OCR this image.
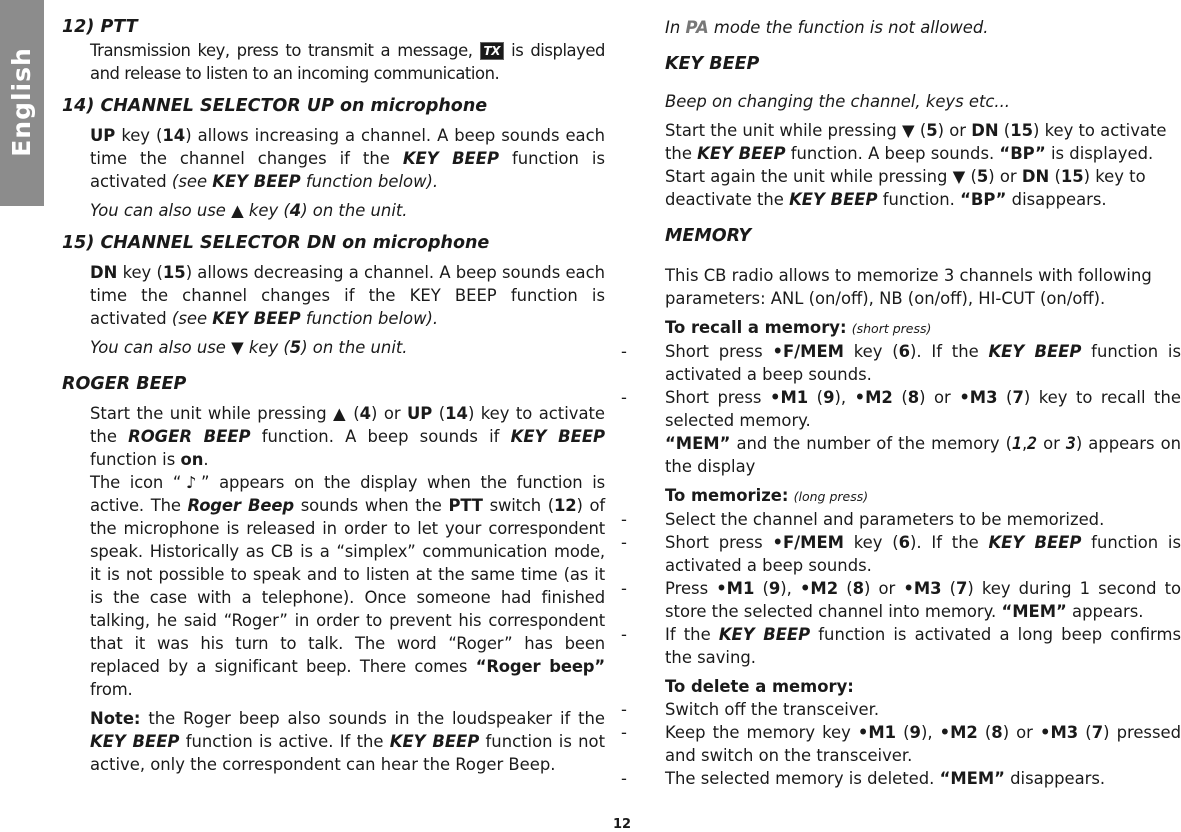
English

12) PTT

Transmission key, press to transmit a message, TX is displayed and release to listen to an incoming communication.

14) CHANNEL SELECTOR UP on microphone

UP key (14) allows increasing a channel. A beep sounds each time the channel changes if the KEY BEEP function is activated (see KEY BEEP function below).

You can also use ▲ key (4) on the unit.

15) CHANNEL SELECTOR DN on microphone

DN key (15) allows decreasing a channel. A beep sounds each time the channel changes if the KEY BEEP function is activated (see KEY BEEP function below).

You can also use ▼ key (5) on the unit.

ROGER BEEP

Start the unit while pressing ▲ (4) or UP (14) key to activate the ROGER BEEP function. A beep sounds if KEY BEEP function is on.

The icon “♪” appears on the display when the function is active. The Roger Beep sounds when the PTT switch (12) of the microphone is released in order to let your correspondent speak. Historically as CB is a “simplex” communication mode, it is not possible to speak and to listen at the same time (as it is the case with a telephone). Once someone had finished talking, he said “Roger” in order to prevent his correspondent that it was his turn to talk. The word “Roger” has been replaced by a significant beep. There comes “Roger beep” from.

Note: the Roger beep also sounds in the loudspeaker if the KEY BEEP function is active. If the KEY BEEP function is not active, only the correspondent can hear the Roger Beep.

In PA mode the function is not allowed.

KEY BEEP

Beep on changing the channel, keys etc...

Start the unit while pressing ▼ (5) or DN (15) key to activate the KEY BEEP function. A beep sounds. “BP” is displayed.

Start again the unit while pressing ▼ (5) or DN (15) key to deactivate the KEY BEEP function. “BP” disappears.

MEMORY

This CB radio allows to memorize 3 channels with following parameters: ANL (on/off), NB (on/off), HI-CUT (on/off).

To recall a memory: (short press)

- Short press •F/MEM key (6). If the KEY BEEP function is activated a beep sounds.
- Short press •M1 (9), •M2 (8) or •M3 (7) key to recall the selected memory.
“MEM” and the number of the memory (1,2 or 3) appears on the display

To memorize: (long press)

- Select the channel and parameters to be memorized.
- Short press •F/MEM key (6). If the KEY BEEP function is activated a beep sounds.
- Press •M1 (9), •M2 (8) or •M3 (7) key during 1 second to store the selected channel into memory. “MEM” appears.
- If the KEY BEEP function is activated a long beep confirms the saving.

To delete a memory:

- Switch off the transceiver.
- Keep the memory key •M1 (9), •M2 (8) or •M3 (7) pressed and switch on the transceiver.
- The selected memory is deleted. “MEM” disappears.
12
